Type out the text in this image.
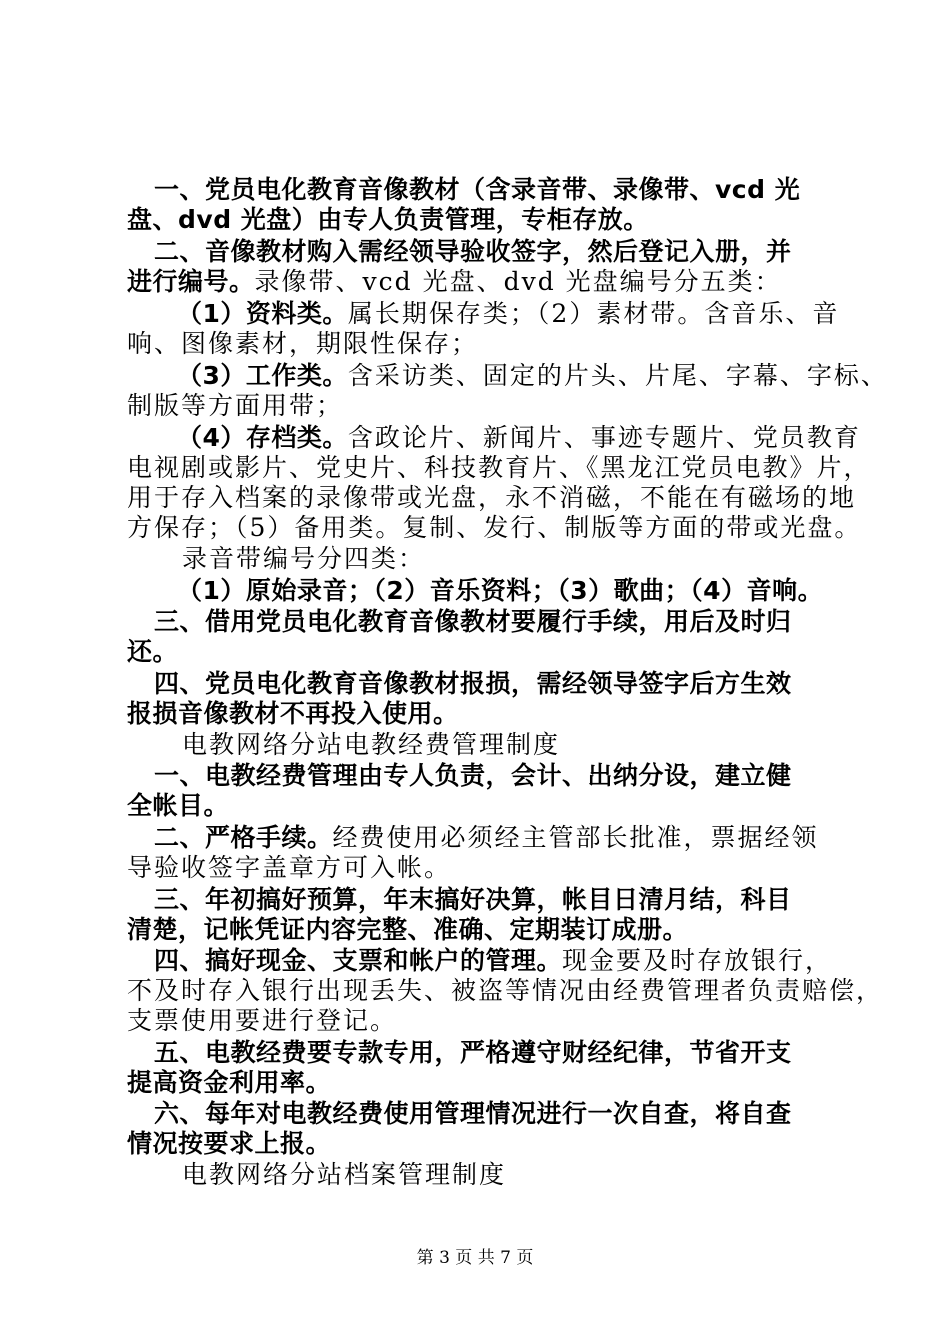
一、党员电化教育音像教材（含录音带、录像带、vcd 光
盘、dvd 光盘）由专人负责管理，专柜存放。
二、音像教材购入需经领导验收签字，然后登记入册，并
进行编号。录像带、vcd 光盘、dvd 光盘编号分五类：
（1）资料类。属长期保存类；（2）素材带。含音乐、音
响、图像素材，期限性保存；
（3）工作类。含采访类、固定的片头、片尾、字幕、字标、
制版等方面用带；
（4）存档类。含政论片、新闻片、事迹专题片、党员教育
电视剧或影片、党史片、科技教育片、《黑龙江党员电教》片，
用于存入档案的录像带或光盘，永不消磁，不能在有磁场的地
方保存；（5）备用类。复制、发行、制版等方面的带或光盘。
录音带编号分四类：
（1）原始录音；（2）音乐资料；（3）歌曲；（4）音响。
三、借用党员电化教育音像教材要履行手续，用后及时归
还。
四、党员电化教育音像教材报损，需经领导签字后方生效
报损音像教材不再投入使用。
电教网络分站电教经费管理制度
一、电教经费管理由专人负责，会计、出纳分设，建立健
全帐目。
二、严格手续。经费使用必须经主管部长批准，票据经领
导验收签字盖章方可入帐。
三、年初搞好预算，年末搞好决算，帐目日清月结，科目
清楚，记帐凭证内容完整、准确、定期装订成册。
四、搞好现金、支票和帐户的管理。现金要及时存放银行，
不及时存入银行出现丢失、被盗等情况由经费管理者负责赔偿，
支票使用要进行登记。
五、电教经费要专款专用，严格遵守财经纪律，节省开支
提高资金利用率。
六、每年对电教经费使用管理情况进行一次自查，将自查
情况按要求上报。
电教网络分站档案管理制度
第 3 页 共 7 页
